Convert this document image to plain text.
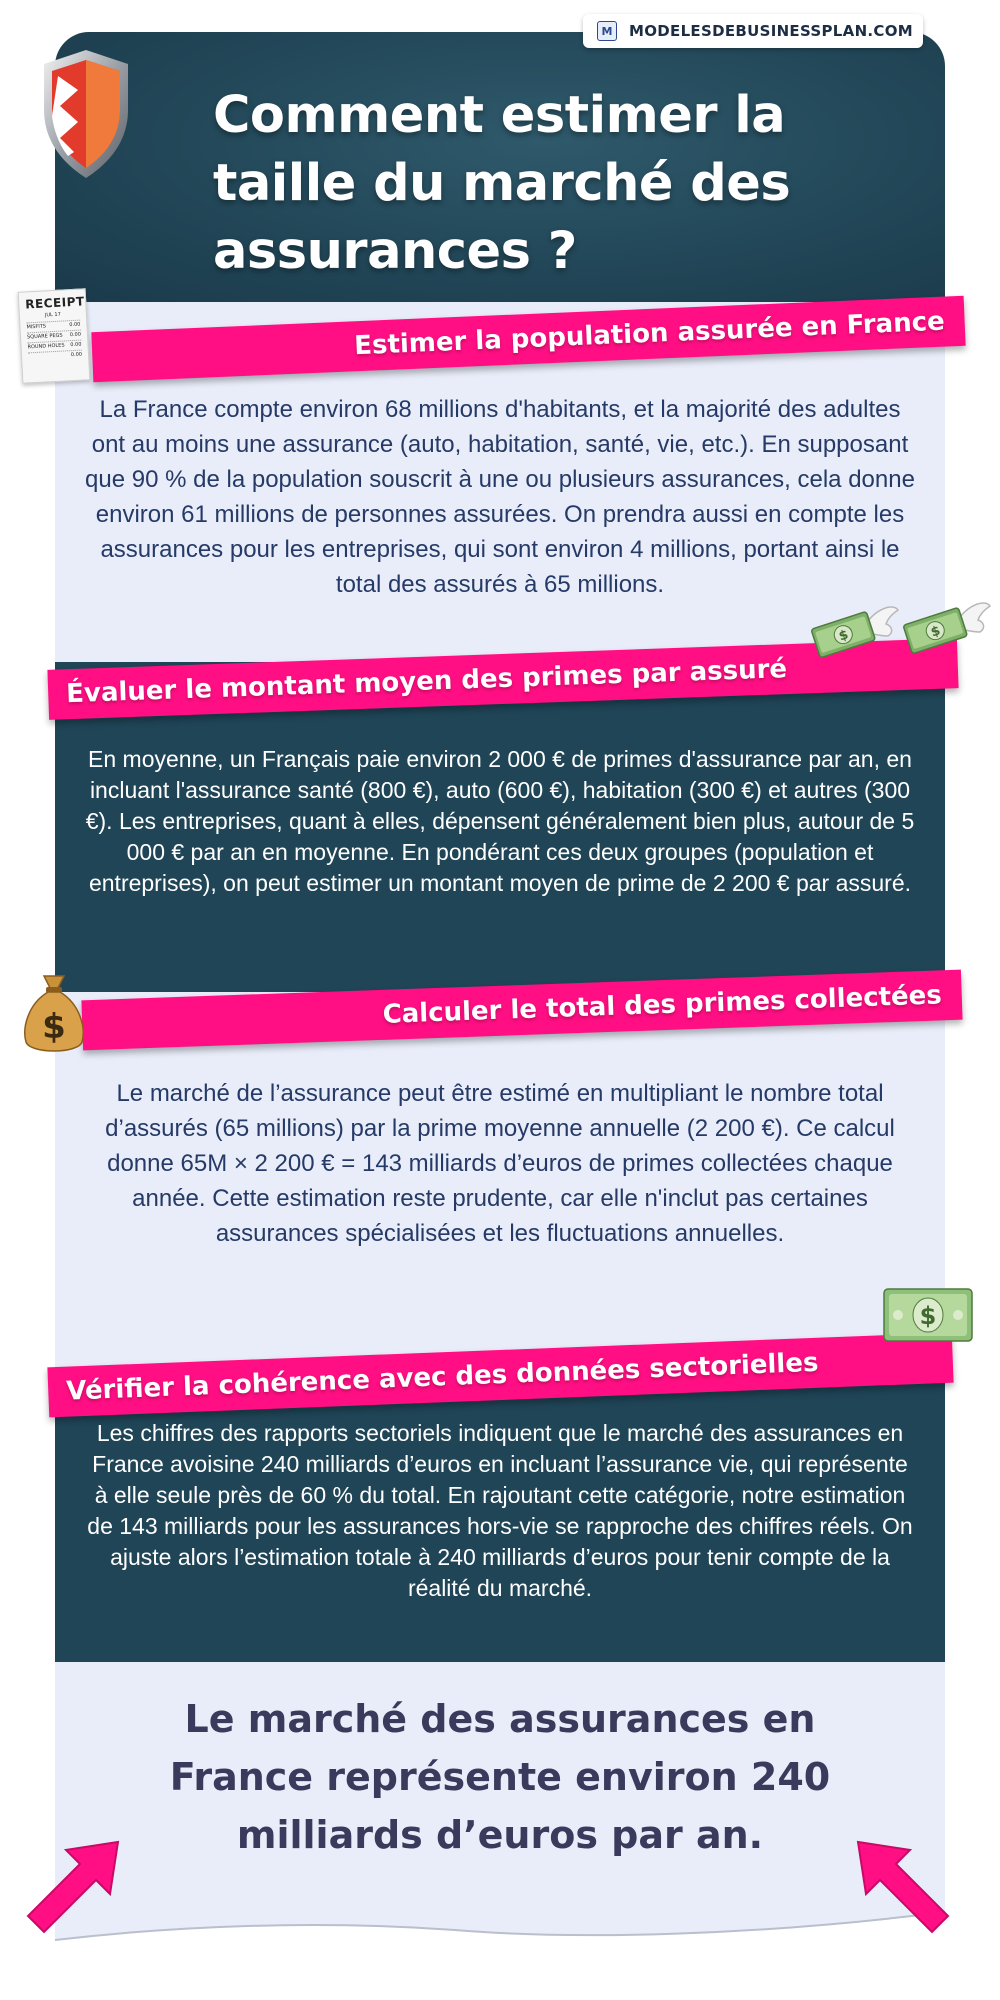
M	MODELESDEBUSINESSPLAN.COM
Comment estimer la taille du marché des assurances ?
La France compte environ 68 millions d'habitants, et la majorité des adultes ont au moins une assurance (auto, habitation, santé, vie, etc.). En supposant que 90 % de la population souscrit à une ou plusieurs assurances, cela donne environ 61 millions de personnes assurées. On prendra aussi en compte les assurances pour les entreprises, qui sont environ 4 millions, portant ainsi le total des assurés à 65 millions.
En moyenne, un Français paie environ 2 000 € de primes d'assurance par an, en incluant l'assurance santé (800 €), auto (600 €), habitation (300 €) et autres (300 €). Les entreprises, quant à elles, dépensent généralement bien plus, autour de 5 000 € par an en moyenne. En pondérant ces deux groupes (population et entreprises), on peut estimer un montant moyen de prime de 2 200 € par assuré.
Le marché de l’assurance peut être estimé en multipliant le nombre total d’assurés (65 millions) par la prime moyenne annuelle (2 200 €). Ce calcul donne 65M × 2 200 € = 143 milliards d’euros de primes collectées chaque année. Cette estimation reste prudente, car elle n'inclut pas certaines assurances spécialisées et les fluctuations annuelles.
Les chiffres des rapports sectoriels indiquent que le marché des assurances en France avoisine 240 milliards d’euros en incluant l’assurance vie, qui représente à elle seule près de 60 % du total. En rajoutant cette catégorie, notre estimation de 143 milliards pour les assurances hors-vie se rapproche des chiffres réels. On ajuste alors l’estimation totale à 240 milliards d’euros pour tenir compte de la réalité du marché.
Estimer la population assurée en France
Évaluer le montant moyen des primes par assuré
Calculer le total des primes collectées
Vérifier la cohérence avec des données sectorielles
Le marché des assurances en France représente environ 240 milliards d’euros par an.
RECEIPT
JUL 17
MISFITS	0.00
SQUARE PEGS 0.00
ROUND HOLES 0.00
0.00
$	$
$
$
